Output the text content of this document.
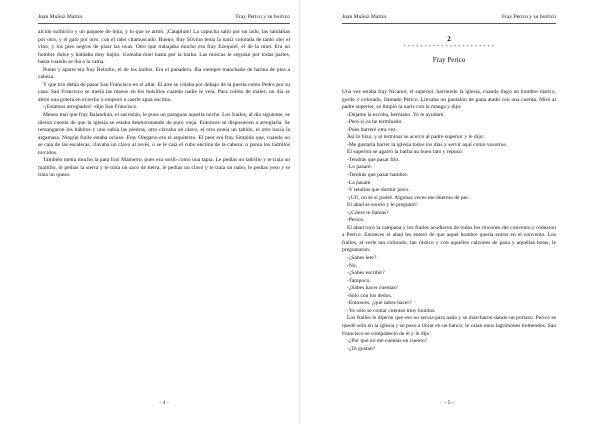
Juan Muñoz Martín	Fray Perico y su borrico

alcido sulfúrico y un paquete de lejía, y lo que se armó. ¡Cataplum! La capucha salió por un lado, las sandalias por otro, y el gato por otro, con el rabo chamuscado. Bueno, fray Silvino tenía la nariz colorada de tanto oler el vino, y los pies negros de pisar las uvas. Otro que trabajaba mucho era fray Ezequiel, el de la miel. Era un hombre dulce y hablaba muy bajito. Goteaba miel hasta por la barba. Las moscas le seguían por todas partes, hasta cuando se iba a la cama.

Punto y aparte era fray Rebollo, el de los bollos. Era el panadero. Iba siempre manchado de harina de pies a cabeza.

Y que trío debía de pasar San Francisco en el altar. El aire se colaba por debajo de la puerta como Pedro por su casa. San Francisco se metía las manos en los bolsillos cuando nadie le veía. Para colmo de males, un día se abrió una gotera en el techo y empezó a caerle agua encima.

-¡Estamos arreglados! -dijo San Francisco.

Menos mal que fray Balandrán, el sacristán, le puso un paraguas aquella noche. Los frailes, al día siguiente, se dieron cuenta de que la iglesia se estaba desmoronando de puro vieja. Entonces se dispusieron a arreglarla. Se remangaron los hábitos y uno subía las piedras, otro clavaba un clavo, el otro ponía un tablón, el otro hacía la argamasa. Ningún fraile estaba ocioso. Fray Olegario era el arquitecto. El peor era fray Simplón que, cuando no se caía de las escaleras, clavaba un clavo al revés, o se le caía el cubo encima de la cabeza, o ponía los ladrillos torcidos.

También metía mucho la pata fray Mamerto, pues era sordo como una tapia. Le pedías un ladrillo y te traía un martillo, le pedías la sierra y te traía un saco de tierra, le pedías un clavo y te traía un nabo, le pedías yeso y te traía un queso.

- 4 -
Juan Muñoz Martín	Fray Perico y su borrico
2
* * * * * * * * * * * * * * * * * * * * * *
Fray Perico

Una vez estaba fray Nicanor, el superior, barriendo la iglesia, cuando llegó un hombre rústico, gordo y colorado, llamado Perico. Llevaba un pantalón de pana atado con una cuerda. Miró al padre superior, se limpió la nariz con la manga y dijo:

-Déjame la escoba, hermano. Yo te ayudaré.

-Pero si ya he terminado.

-Pues barreré otra vez.

Así lo hizo, y al terminar se acercó al padre superior y le dijo:

-Me gustaría barrer la iglesia todos los días y servir aquí como vosotros.

El superior se agarró la barba un buen rato y repuso:

-Tendrás que pasar frío.

-Lo pasaré.

-Tendrás que pasar hambre.

-La pasaré.

-Y tendrás que dormir poco.

-¡Uf!, no sé si podré. Algunas veces me duermo de pie.

El abad se sonrió y le preguntó:

-¿Cómo te llamas?

-Perico.

El abad tocó la campana y los frailes acudieron de todos los rincones del convento y rodearon a Perico. Entonces el abad les enteró de que aquel hombre quería entrar en el convento. Los frailes, al verle tan colorado, tan rústico y con aquellos calzones de pana y aquellas botas, le preguntaron:

-¿Sabes leer?

-No.

-¿Sabes escribir?

-Tampoco.

-¿Sabes hacer cuentas?

-Sólo con los dedos.

-Entonces, ¿qué sabes hacer?

-Yo sólo sé contar cuentos muy bonitos.

Los frailes le dijeron que eso no servía para nada y se marcharon dando un portazo. Perico se quedó solo en la iglesia y se puso a llorar en un banco; le caían unos lagrimones tremendos. San Francisco se compadeció de él y le dijo:

-¿Por qué no me cuentas un cuento?

-¿Te gustan?

- 5 -
